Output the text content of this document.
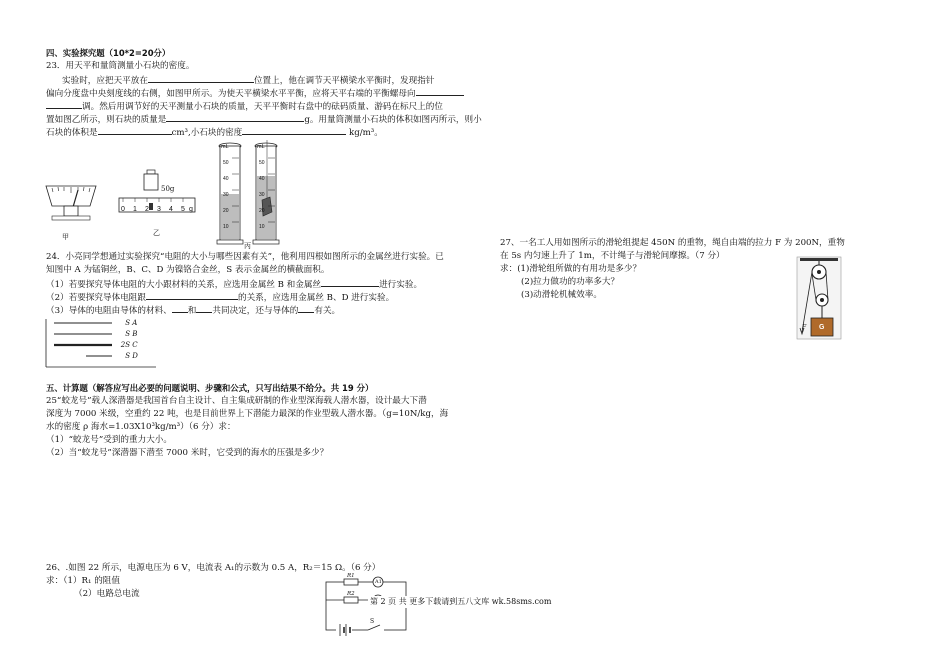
四、实验探究题（10*2=20分）
23．用天平和量筒测量小石块的密度。
实验时，应把天平放在	位置上，他在调节天平横梁水平衡时，发现指针
偏向分度盘中央刻度线的右侧，如图甲所示。为使天平横梁水平平衡，应将天平右端的平衡螺母向
调。然后用调节好的天平测量小石块的质量，天平平衡时右盘中的砝码质量、游码在标尺上的位
置如图乙所示，则石块的质量是	g。用量筒测量小石块的体积如图丙所示，则小
石块的体积是	cm³,小石块的密度	kg/m³。
甲
50g
0 1 2 3 4 5 g
乙
mL	mL
50
40
30
20
10
50
40
30
20
10
丙
24．小亮同学想通过实验探究“电阻的大小与哪些因素有关”，他利用四根如图所示的金属丝进行实验。已
知图中 A 为锰铜丝，B、C、D 为镍铬合金丝，S 表示金属丝的横截面积。
（1）若要探究导体电阻的大小跟材料的关系，应选用金属丝 B 和金属丝	进行实验。
（2）若要探究导体电阻跟	的关系，应选用金属丝 B、D 进行实验。
（3）导体的电阻由导体的材料、 和 共同决定，还与导体的 有关。
S A
S B
2S C
S D
五、计算题（解答应写出必要的问题说明、步骤和公式，只写出结果不给分。共 19 分）
25“蛟龙号”载人深潜器是我国首台自主设计、自主集成研制的作业型深海载人潜水器，设计最大下潜
深度为 7000 米级，空重约 22 吨，也是目前世界上下潜能力最深的作业型载人潜水器。（g=10N/kg，海
水的密度 ρ 海水=1.03X10³kg/m³）（6 分）求：
（1）“蛟龙号”受到的重力大小。
（2）当“蛟龙号”深潜器下潜至 7000 米时，它受到的海水的压强是多少？
26、.如图 22 所示，电源电压为 6 V，电流表 A₁的示数为 0.5 A，R₂＝15 Ω。（6 分）
求：（1）R₁ 的阻值
（2）电路总电流
R1
A1
R2
S
第 2 页 共 更多下载请到五八文库 wk.58sms.com
27、一名工人用如图所示的滑轮组提起 450N 的重物，绳自由端的拉力 F 为 200N，重物
在 5s 内匀速上升了 1m，不计绳子与滑轮间摩擦。（7 分）
求：(1)滑轮组所做的有用功是多少？
(2)拉力做功的功率多大？
(3)动滑轮机械效率。
G
F
